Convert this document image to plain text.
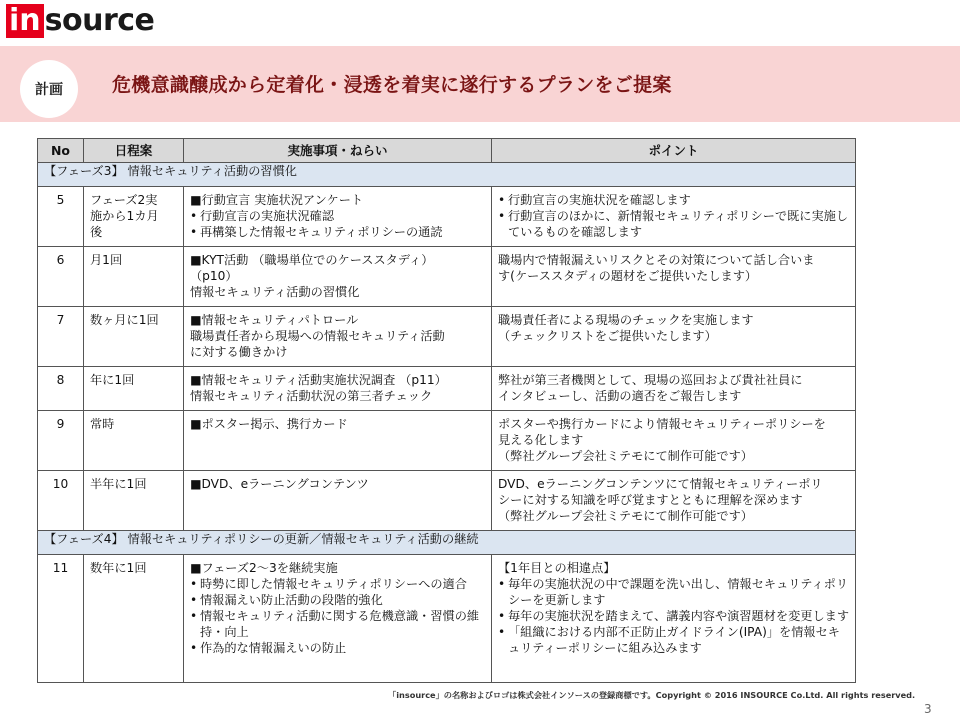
in source
計画	危機意識醸成から定着化・浸透を着実に遂行するプランをご提案
No	日程案	実施事項・ねらい	ポイント
【フェーズ3】 情報セキュリティ活動の習慣化			
5	フェーズ2実
施から1カ月
後	■行動宣言 実施状況アンケート
• 行動宣言の実施状況確認
• 再構築した情報セキュリティポリシーの通読	• 行動宣言の実施状況を確認します
• 行動宣言のほかに、新情報セキュリティポリシーで既に実施しているものを確認します

6	月1回	■KYT活動 （職場単位でのケーススタディ）
（p10）
情報セキュリティ活動の習慣化	職場内で情報漏えいリスクとその対策について話し合いま
す(ケーススタディの題材をご提供いたします）

7	数ヶ月に1回	■情報セキュリティパトロール
職場責任者から現場への情報セキュリティ活動
に対する働きかけ	職場責任者による現場のチェックを実施します
（チェックリストをご提供いたします）

8	年に1回	■情報セキュリティ活動実施状況調査 （p11）
情報セキュリティ活動状況の第三者チェック	弊社が第三者機関として、現場の巡回および貴社社員に
インタビューし、活動の適否をご報告します

9	常時	■ポスター掲示、携行カード	ポスターや携行カードにより情報セキュリティーポリシーを
見える化します
（弊社グループ会社ミテモにて制作可能です）

10	半年に1回	■DVD、eラーニングコンテンツ	DVD、eラーニングコンテンツにて情報セキュリティーポリ
シーに対する知識を呼び覚ますとともに理解を深めます
（弊社グループ会社ミテモにて制作可能です）

【フェーズ4】 情報セキュリティポリシーの更新／情報セキュリティ活動の継続			
11	数年に1回	■フェーズ2～3を継続実施
• 時勢に即した情報セキュリティポリシーへの適合
• 情報漏えい防止活動の段階的強化
• 情報セキュリティ活動に関する危機意識・習慣の維持・向上
• 作為的な情報漏えいの防止	【1年目との相違点】
• 毎年の実施状況の中で課題を洗い出し、情報セキュリティポリシーを更新します
• 毎年の実施状況を踏まえて、講義内容や演習題材を変更します
• 「組織における内部不正防止ガイドライン(IPA)」を情報セキュリティーポリシーに組み込みます
「insource」の名称およびロゴは株式会社インソースの登録商標です。Copyright © 2016 INSOURCE Co.Ltd. All rights reserved.
3
